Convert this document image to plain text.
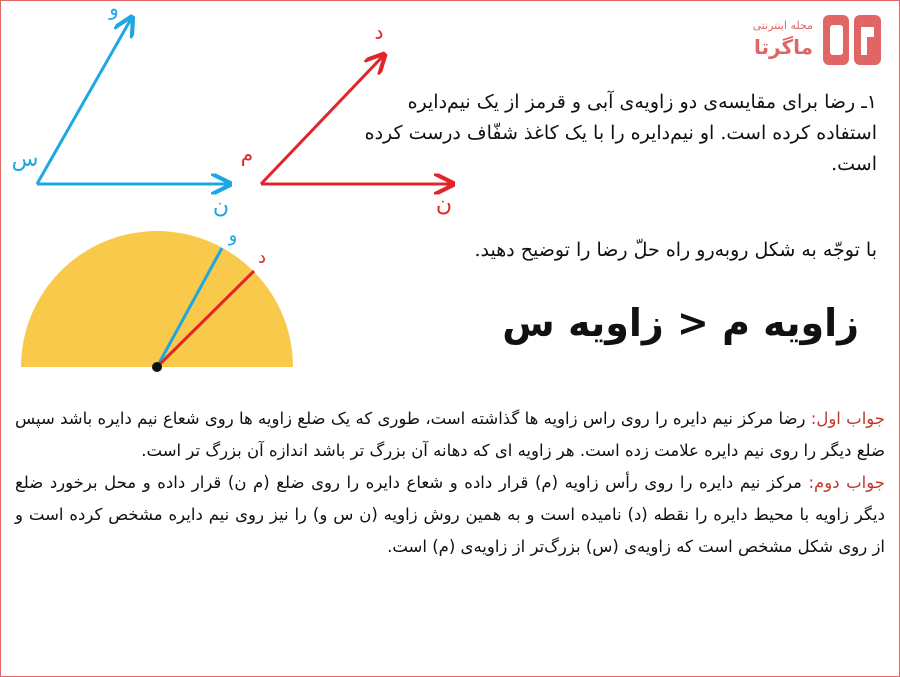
مجله اینترنتی
ماگرتا
س
و
ن
م
د
ن
و
د
۱ـ رضا برای مقایسه‌ی دو زاویه‌ی آبی و قرمز از یک نیم‌دایره استفاده کرده است. او نیم‌دایره را با یک کاغذ شفّاف درست کرده است.
با توجّه به شکل روبه‌رو راه حلّ رضا را توضیح دهید.
زاویه م < زاویه س

جواب اول: رضا مرکز نیم دایره را روی راس زاویه ها گذاشته است، طوری که یک ضلع زاویه ها روی شعاع نیم دایره باشد سپس ضلع دیگر را روی نیم دایره علامت زده است. هر زاویه ای که دهانه آن بزرگ تر باشد اندازه آن بزرگ تر است.

جواب دوم: مرکز نیم دایره را روی رأس زاویه (م) قرار داده و شعاع دایره را روی ضلع (م ن) قرار داده و محل برخورد ضلع دیگر زاویه با محیط دایره را نقطه (د) نامیده است و به همین روش زاویه (ن س و) را نیز روی نیم دایره مشخص کرده است و از روی شکل مشخص است که زاویه‌ی (س) بزرگ‌تر از زاویه‌ی (م) است.
